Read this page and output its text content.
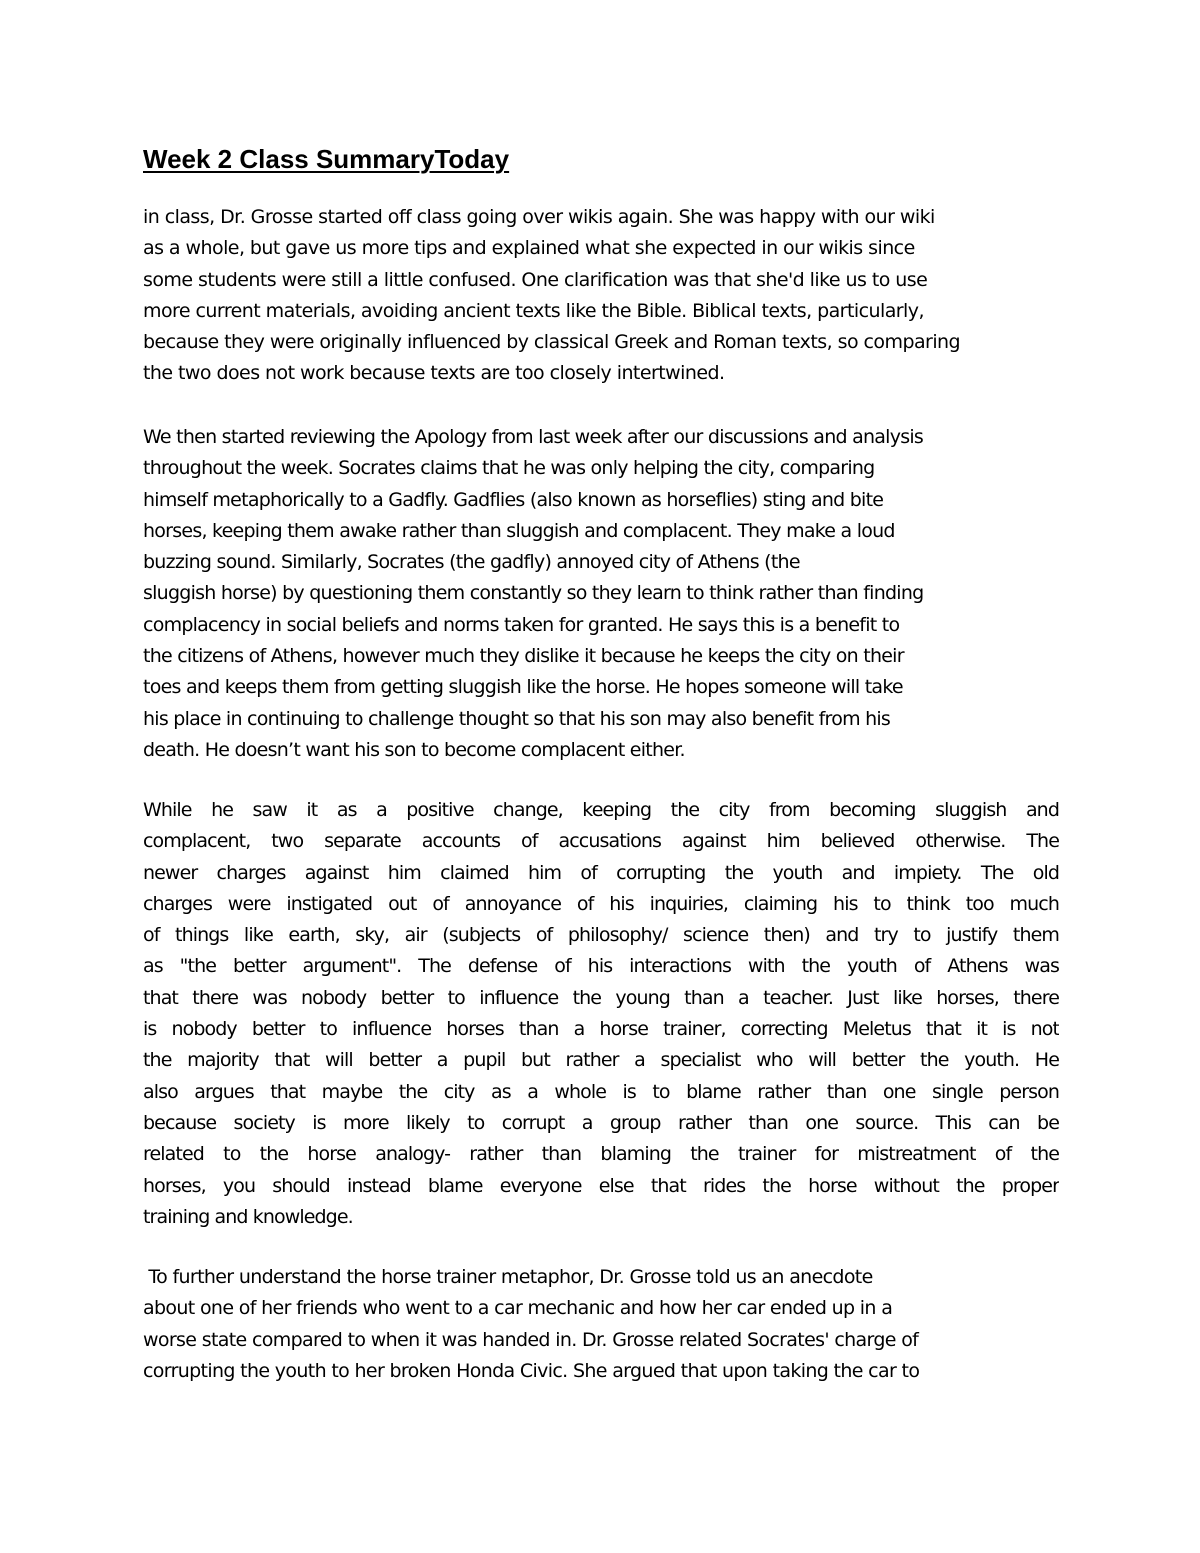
Week 2 Class SummaryToday
in class, Dr. Grosse started off class going over wikis again. She was happy with our wiki
as a whole, but gave us more tips and explained what she expected in our wikis since
some students were still a little confused. One clarification was that she'd like us to use
more current materials, avoiding ancient texts like the Bible. Biblical texts, particularly,
because they were originally influenced by classical Greek and Roman texts, so comparing
the two does not work because texts are too closely intertwined.
We then started reviewing the Apology from last week after our discussions and analysis
throughout the week. Socrates claims that he was only helping the city, comparing
himself metaphorically to a Gadfly. Gadflies (also known as horseflies) sting and bite
horses, keeping them awake rather than sluggish and complacent. They make a loud
buzzing sound. Similarly, Socrates (the gadfly) annoyed city of Athens (the
sluggish horse) by questioning them constantly so they learn to think rather than finding
complacency in social beliefs and norms taken for granted. He says this is a benefit to
the citizens of Athens, however much they dislike it because he keeps the city on their
toes and keeps them from getting sluggish like the horse. He hopes someone will take
his place in continuing to challenge thought so that his son may also benefit from his
death. He doesn’t want his son to become complacent either.
While he saw it as a positive change, keeping the city from becoming sluggish and
complacent, two separate accounts of accusations against him believed otherwise. The
newer charges against him claimed him of corrupting the youth and impiety. The old
charges were instigated out of annoyance of his inquiries, claiming his to think too much
of things like earth, sky, air (subjects of philosophy/ science then) and try to justify them
as "the better argument". The defense of his interactions with the youth of Athens was
that there was nobody better to influence the young than a teacher. Just like horses, there
is nobody better to influence horses than a horse trainer, correcting Meletus that it is not
the majority that will better a pupil but rather a specialist who will better the youth. He
also argues that maybe the city as a whole is to blame rather than one single person
because society is more likely to corrupt a group rather than one source. This can be
related to the horse analogy- rather than blaming the trainer for mistreatment of the
horses, you should instead blame everyone else that rides the horse without the proper
training and knowledge.
To further understand the horse trainer metaphor, Dr. Grosse told us an anecdote
about one of her friends who went to a car mechanic and how her car ended up in a
worse state compared to when it was handed in. Dr. Grosse related Socrates' charge of
corrupting the youth to her broken Honda Civic. She argued that upon taking the car to
